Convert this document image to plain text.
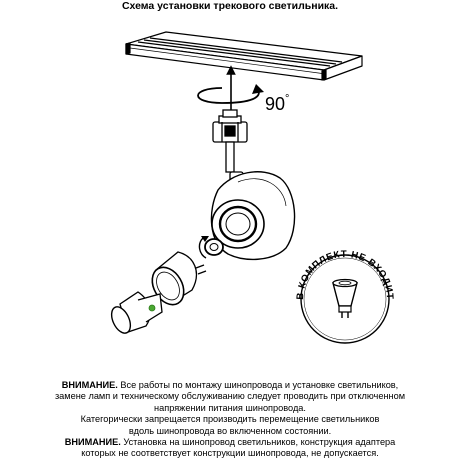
Схема установки трекового светильника.
90°
В КОМПЛЕКТ НЕ ВХОДИТ

ВНИМАНИЕ. Все работы по монтажу шинопровода и установке светильников,

замене ламп и техническому обслуживанию следует проводить при отключенном

напряжении питания шинопровода.

Категорически запрещается производить перемещение светильников

вдоль шинопровода во включенном состоянии.

ВНИМАНИЕ. Установка на шинопровод светильников, конструкция адаптера

которых не соответствует конструкции шинопровода, не допускается.
